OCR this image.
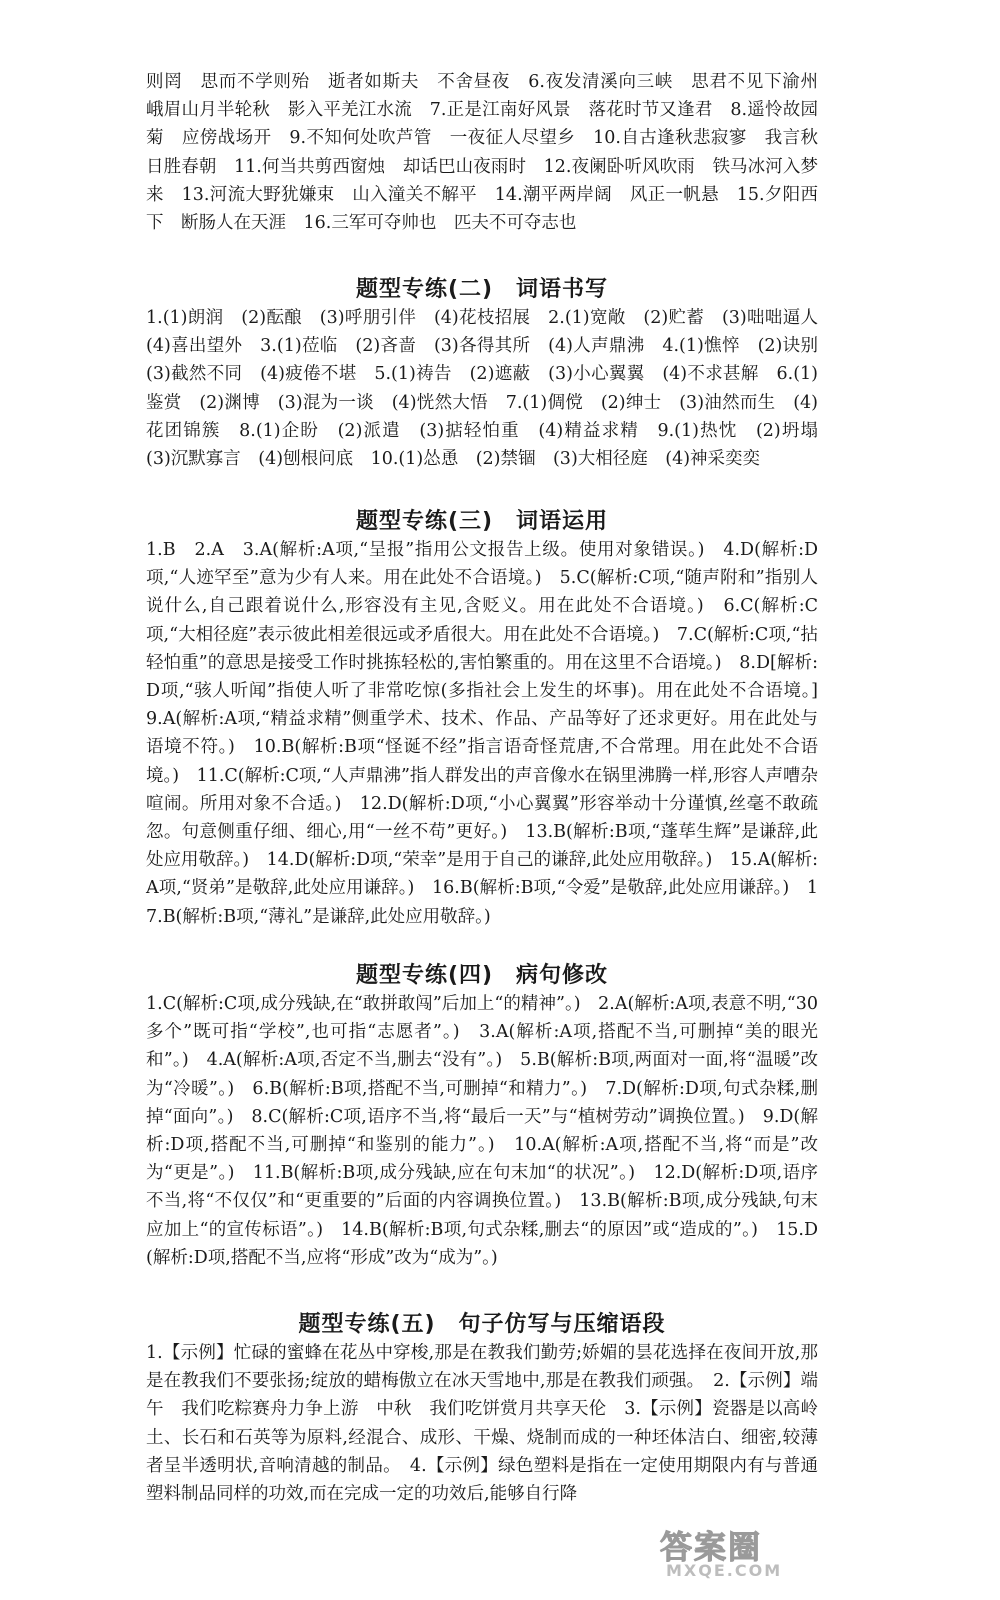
则罔　思而不学则殆　逝者如斯夫　不舍昼夜　6.夜发清溪向三峡　思君不见下渝州　峨眉山月半轮秋　影入平羌江水流　7.正是江南好风景　落花时节又逢君　8.遥怜故园菊　应傍战场开　9.不知何处吹芦管　一夜征人尽望乡　10.自古逢秋悲寂寥　我言秋日胜春朝　11.何当共剪西窗烛　却话巴山夜雨时　12.夜阑卧听风吹雨　铁马冰河入梦来　13.河流大野犹嫌束　山入潼关不解平　14.潮平两岸阔　风正一帆悬　15.夕阳西下　断肠人在天涯　16.三军可夺帅也　匹夫不可夺志也
题型专练(二)　词语书写
1.(1)朗润　(2)酝酿　(3)呼朋引伴　(4)花枝招展　2.(1)宽敞　(2)贮蓄　(3)咄咄逼人　(4)喜出望外　3.(1)莅临　(2)吝啬　(3)各得其所　(4)人声鼎沸　4.(1)憔悴　(2)诀别　(3)截然不同　(4)疲倦不堪　5.(1)祷告　(2)遮蔽　(3)小心翼翼　(4)不求甚解　6.(1)鉴赏　(2)渊博　(3)混为一谈　(4)恍然大悟　7.(1)倜傥　(2)绅士　(3)油然而生　(4)花团锦簇　8.(1)企盼　(2)派遣　(3)掂轻怕重　(4)精益求精　9.(1)热忱　(2)坍塌　(3)沉默寡言　(4)刨根问底　10.(1)怂恿　(2)禁锢　(3)大相径庭　(4)神采奕奕
题型专练(三)　词语运用
1.B　2.A　3.A(解析:A项,“呈报”指用公文报告上级。使用对象错误。)　4.D(解析:D项,“人迹罕至”意为少有人来。用在此处不合语境。)　5.C(解析:C项,“随声附和”指别人说什么,自己跟着说什么,形容没有主见,含贬义。用在此处不合语境。)　6.C(解析:C项,“大相径庭”表示彼此相差很远或矛盾很大。用在此处不合语境。)　7.C(解析:C项,“拈轻怕重”的意思是接受工作时挑拣轻松的,害怕繁重的。用在这里不合语境。)　8.D[解析:D项,“骇人听闻”指使人听了非常吃惊(多指社会上发生的坏事)。用在此处不合语境。]　9.A(解析:A项,“精益求精”侧重学术、技术、作品、产品等好了还求更好。用在此处与语境不符。)　10.B(解析:B项“怪诞不经”指言语奇怪荒唐,不合常理。用在此处不合语境。)　11.C(解析:C项,“人声鼎沸”指人群发出的声音像水在锅里沸腾一样,形容人声嘈杂喧闹。所用对象不合适。)　12.D(解析:D项,“小心翼翼”形容举动十分谨慎,丝毫不敢疏忽。句意侧重仔细、细心,用“一丝不苟”更好。)　13.B(解析:B项,“蓬荜生辉”是谦辞,此处应用敬辞。)　14.D(解析:D项,“荣幸”是用于自己的谦辞,此处应用敬辞。)　15.A(解析:A项,“贤弟”是敬辞,此处应用谦辞。)　16.B(解析:B项,“令爱”是敬辞,此处应用谦辞。)　17.B(解析:B项,“薄礼”是谦辞,此处应用敬辞。)
题型专练(四)　病句修改
1.C(解析:C项,成分残缺,在“敢拼敢闯”后加上“的精神”。)　2.A(解析:A项,表意不明,“30多个”既可指“学校”,也可指“志愿者”。)　3.A(解析:A项,搭配不当,可删掉“美的眼光和”。)　4.A(解析:A项,否定不当,删去“没有”。)　5.B(解析:B项,两面对一面,将“温暖”改为“冷暖”。)　6.B(解析:B项,搭配不当,可删掉“和精力”。)　7.D(解析:D项,句式杂糅,删掉“面向”。)　8.C(解析:C项,语序不当,将“最后一天”与“植树劳动”调换位置。)　9.D(解析:D项,搭配不当,可删掉“和鉴别的能力”。)　10.A(解析:A项,搭配不当,将“而是”改为“更是”。)　11.B(解析:B项,成分残缺,应在句末加“的状况”。)　12.D(解析:D项,语序不当,将“不仅仅”和“更重要的”后面的内容调换位置。)　13.B(解析:B项,成分残缺,句末应加上“的宣传标语”。)　14.B(解析:B项,句式杂糅,删去“的原因”或“造成的”。)　15.D(解析:D项,搭配不当,应将“形成”改为“成为”。)
题型专练(五)　句子仿写与压缩语段
1.【示例】忙碌的蜜蜂在花丛中穿梭,那是在教我们勤劳;娇媚的昙花选择在夜间开放,那是在教我们不要张扬;绽放的蜡梅傲立在冰天雪地中,那是在教我们顽强。　2.【示例】端午　我们吃粽赛舟力争上游　中秋　我们吃饼赏月共享天伦　3.【示例】瓷器是以高岭土、长石和石英等为原料,经混合、成形、干燥、烧制而成的一种坯体洁白、细密,较薄者呈半透明状,音响清越的制品。　4.【示例】绿色塑料是指在一定使用期限内有与普通塑料制品同样的功效,而在完成一定的功效后,能够自行降
答案圈
MXQE.COM
